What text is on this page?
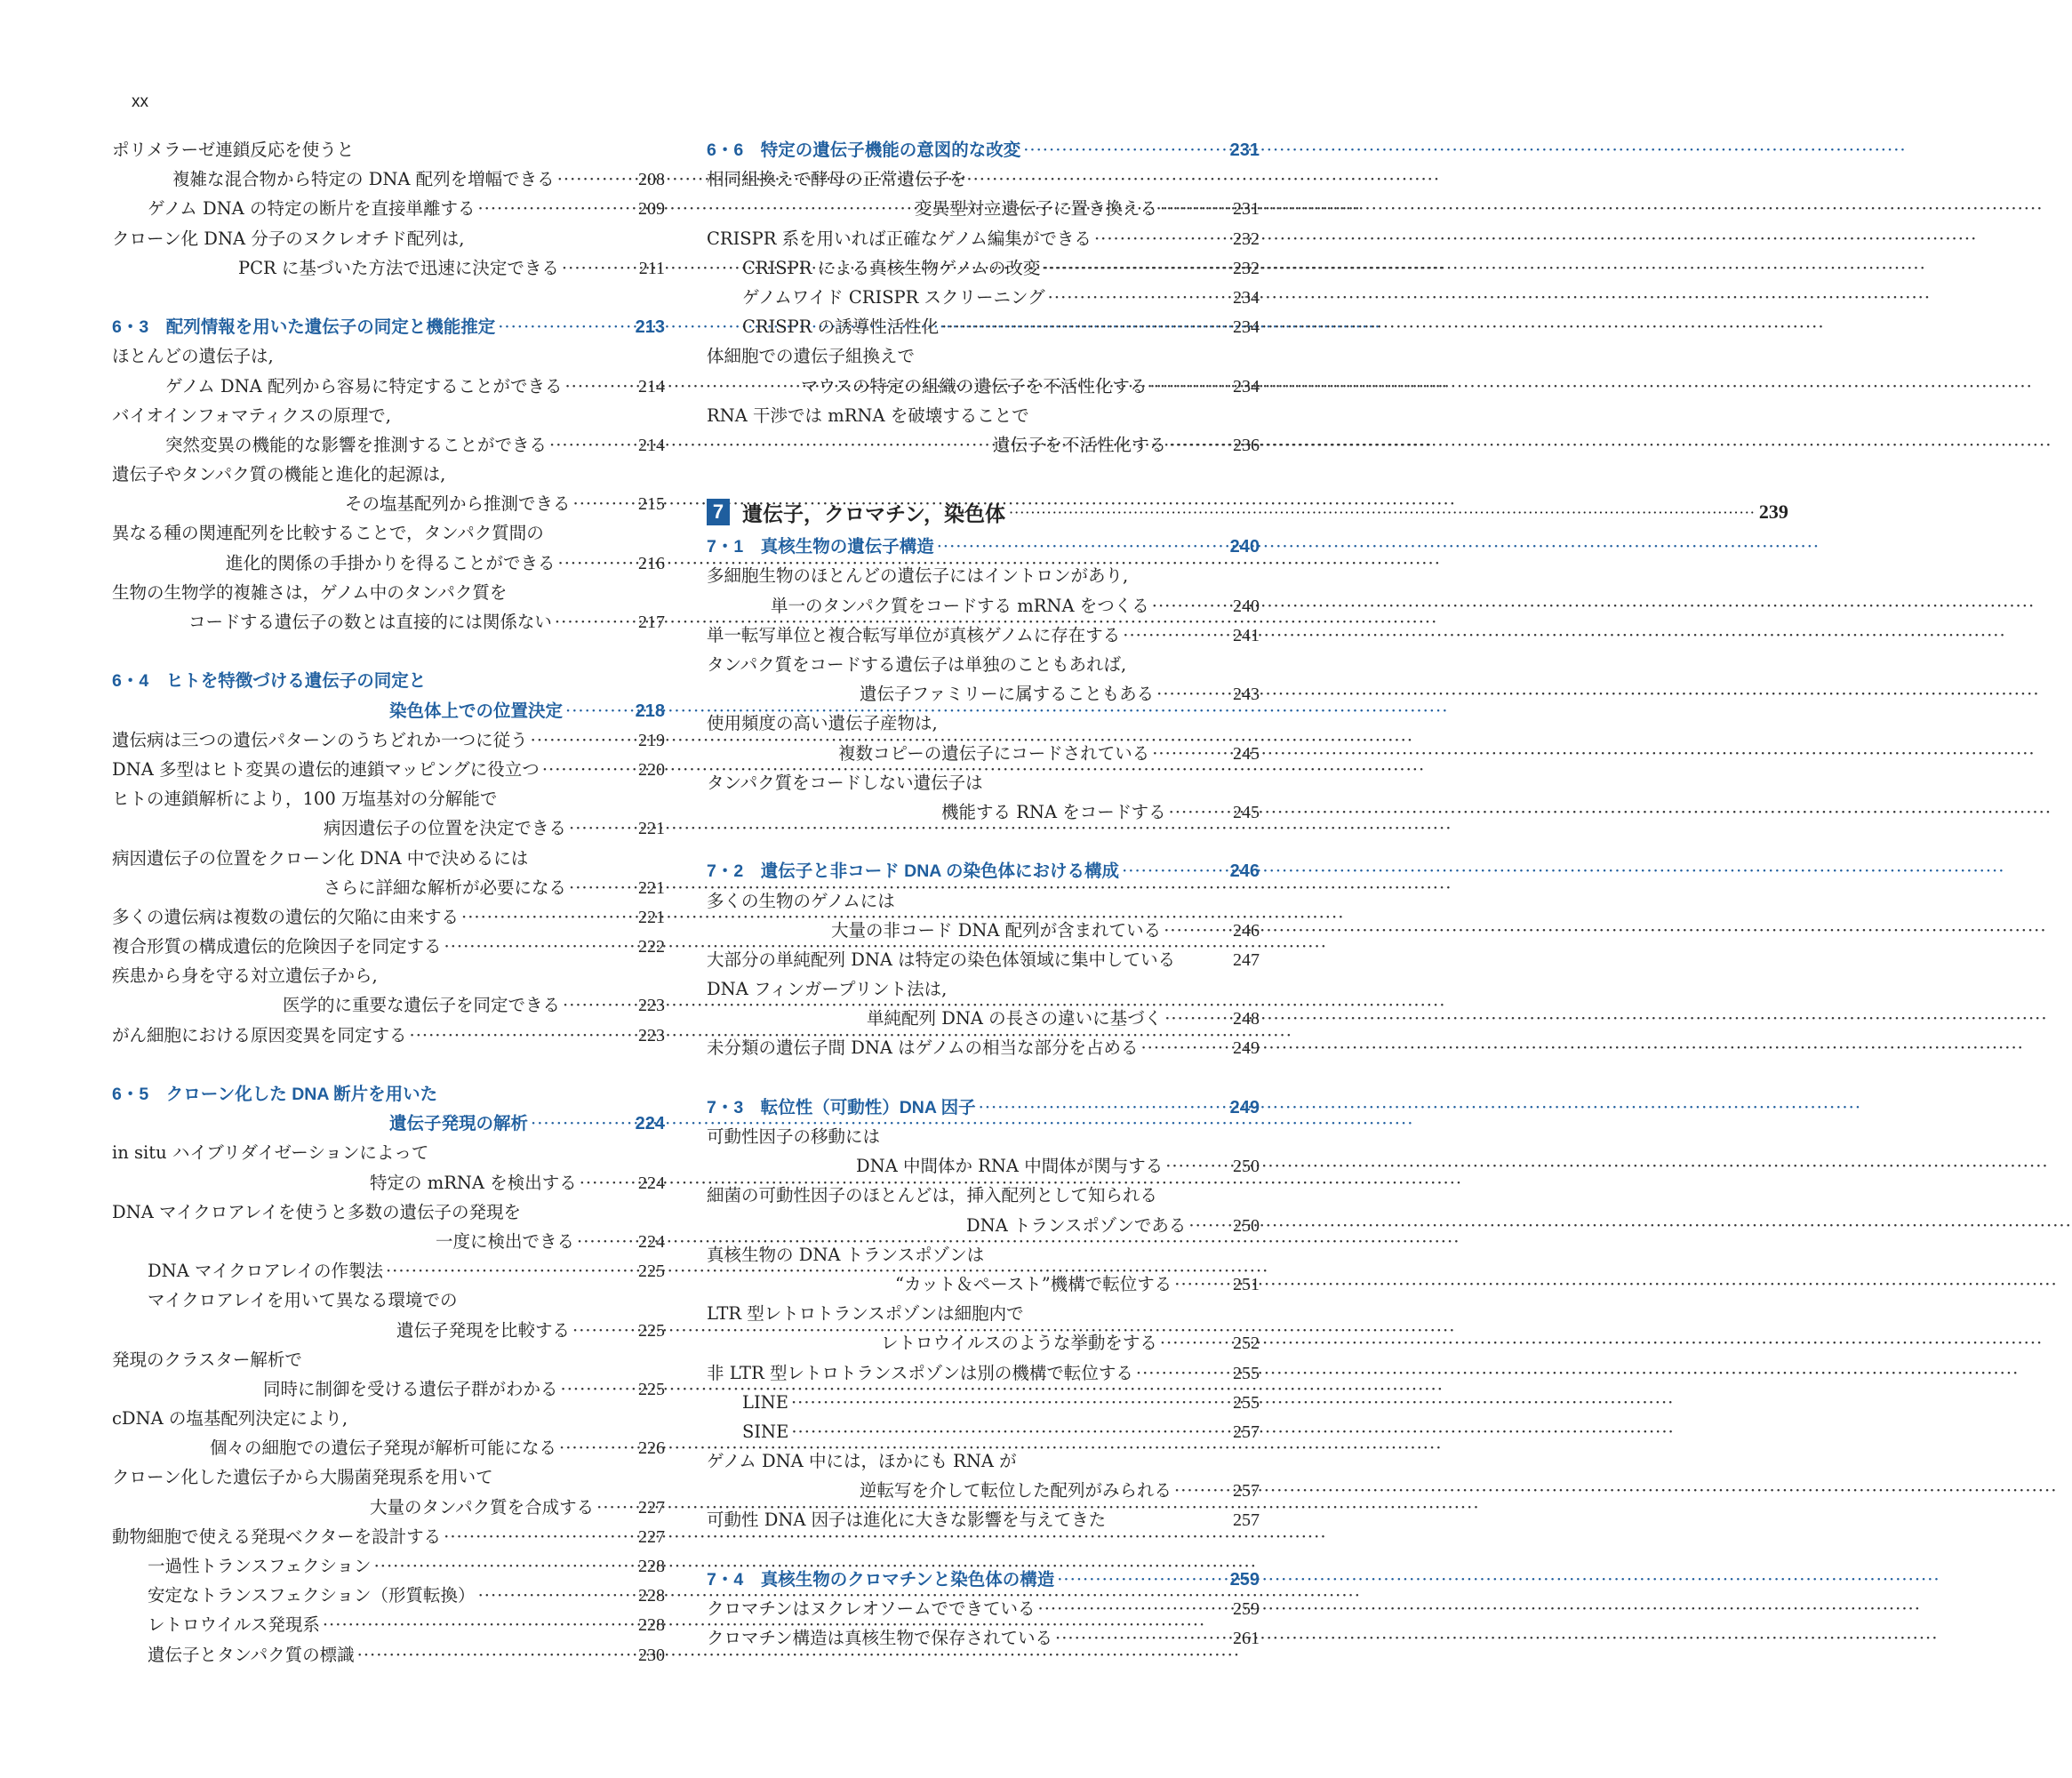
xx
ポリメラーゼ連鎖反応を使うと
複雑な混合物から特定の DNA 配列を増幅できる ·····	208
ゲノム DNA の特定の断片を直接単離する ·····	209
クローン化 DNA 分子のヌクレオチド配列は,
PCR に基づいた方法で迅速に決定できる ·····	211
6・3　配列情報を用いた遺伝子の同定と機能推定 ·····	213
ほとんどの遺伝子は,
ゲノム DNA 配列から容易に特定することができる ·····	214
バイオインフォマティクスの原理で,
突然変異の機能的な影響を推測することができる ·····	214
遺伝子やタンパク質の機能と進化的起源は,
その塩基配列から推測できる ·····	215
異なる種の関連配列を比較することで，タンパク質間の
進化的関係の手掛かりを得ることができる ·····	216
生物の生物学的複雑さは，ゲノム中のタンパク質を
コードする遺伝子の数とは直接的には関係ない ·····	217
6・4　ヒトを特徴づける遺伝子の同定と
染色体上での位置決定 ·····	218
遺伝病は三つの遺伝パターンのうちどれか一つに従う ·····	219
DNA 多型はヒト変異の遺伝的連鎖マッピングに役立つ ·····	220
ヒトの連鎖解析により，100 万塩基対の分解能で
病因遺伝子の位置を決定できる ·····	221
病因遺伝子の位置をクローン化 DNA 中で決めるには
さらに詳細な解析が必要になる ·····	221
多くの遺伝病は複数の遺伝的欠陥に由来する ·····	221
複合形質の構成遺伝的危険因子を同定する ·····	222
疾患から身を守る対立遺伝子から,
医学的に重要な遺伝子を同定できる ·····	223
がん細胞における原因変異を同定する ·····	223
6・5　クローン化した DNA 断片を用いた
遺伝子発現の解析 ·····	224
in situ ハイブリダイゼーションによって
特定の mRNA を検出する ·····	224
DNA マイクロアレイを使うと多数の遺伝子の発現を
一度に検出できる ·····	224
DNA マイクロアレイの作製法 ·····	225
マイクロアレイを用いて異なる環境での
遺伝子発現を比較する ·····	225
発現のクラスター解析で
同時に制御を受ける遺伝子群がわかる ·····	225
cDNA の塩基配列決定により,
個々の細胞での遺伝子発現が解析可能になる ·····	226
クローン化した遺伝子から大腸菌発現系を用いて
大量のタンパク質を合成する ····· 227
動物細胞で使える発現ベクターを設計する ·····	227
一過性トランスフェクション ·····	228
安定なトランスフェクション（形質転換） ·····	228
レトロウイルス発現系 ·····	228
遺伝子とタンパク質の標識 ·····	230
6・6　特定の遺伝子機能の意図的な改変 ·····	231
相同組換えで酵母の正常遺伝子を
変異型対立遺伝子に置き換える ·····	231
CRISPR 系を用いれば正確なゲノム編集ができる ·····	232
CRISPR による真核生物ゲノムの改変 ·····	232
ゲノムワイド CRISPR スクリーニング ·····	234
CRISPR の誘導性活性化 ·····	234
体細胞での遺伝子組換えで
マウスの特定の組織の遺伝子を不活性化する ·····	234
RNA 干渉では mRNA を破壊することで
遺伝子を不活性化する ·····	236
7 遺伝子，クロマチン，染色体 ·····	239
7・1　真核生物の遺伝子構造 ·····	240
多細胞生物のほとんどの遺伝子にはイントロンがあり,
単一のタンパク質をコードする mRNA をつくる ·····	240
単一転写単位と複合転写単位が真核ゲノムに存在する ·····	241
タンパク質をコードする遺伝子は単独のこともあれば,
遺伝子ファミリーに属することもある ·····	243
使用頻度の高い遺伝子産物は,
複数コピーの遺伝子にコードされている ·····	245
タンパク質をコードしない遺伝子は
機能する RNA をコードする ·····	245
7・2　遺伝子と非コード DNA の染色体における構成 ·····	246
多くの生物のゲノムには
大量の非コード DNA 配列が含まれている ·····	246
大部分の単純配列 DNA は特定の染色体領域に集中している	247
DNA フィンガープリント法は,
単純配列 DNA の長さの違いに基づく ·····	248
未分類の遺伝子間 DNA はゲノムの相当な部分を占める ·····	249
7・3　転位性（可動性）DNA 因子 ·····	249
可動性因子の移動には
DNA 中間体か RNA 中間体が関与する ·····	250
細菌の可動性因子のほとんどは，挿入配列として知られる
DNA トランスポゾンである ·····	250
真核生物の DNA トランスポゾンは
“カット＆ペースト”機構で転位する ·····	251
LTR 型レトロトランスポゾンは細胞内で
レトロウイルスのような挙動をする ·····	252
非 LTR 型レトロトランスポゾンは別の機構で転位する ·····	255
LINE ·····	255
SINE ·····	257
ゲノム DNA 中には，ほかにも RNA が
逆転写を介して転位した配列がみられる ·····	257
可動性 DNA 因子は進化に大きな影響を与えてきた	257
7・4　真核生物のクロマチンと染色体の構造 ·····	259
クロマチンはヌクレオソームでできている ·····	259
クロマチン構造は真核生物で保存されている ·····	261
